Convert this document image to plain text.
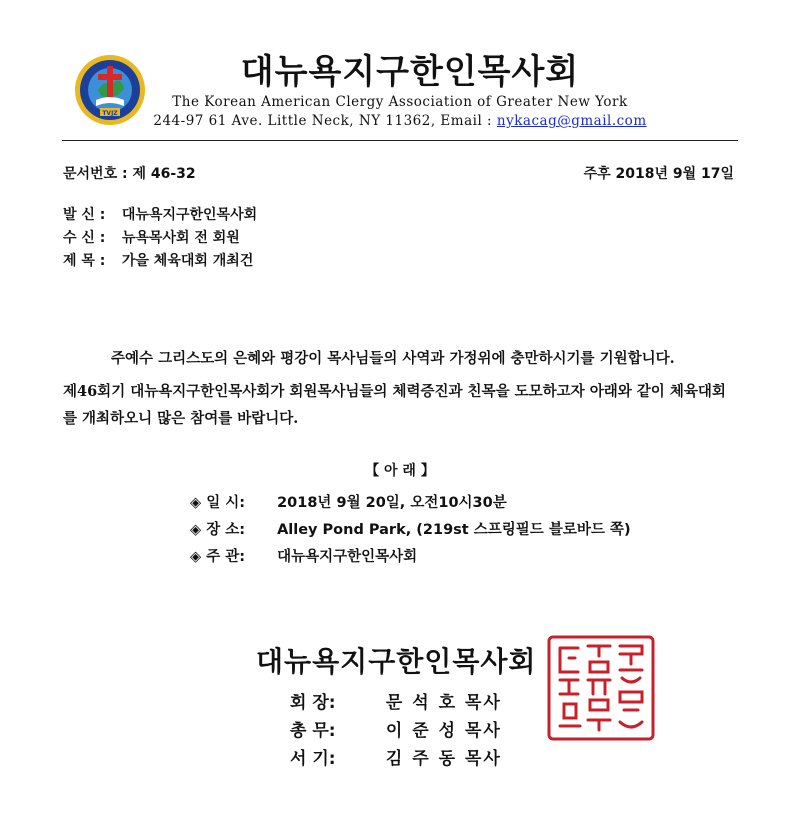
TVJZ
대뉴욕지구한인목사회
The Korean American Clergy Association of Greater New York
244-97 61 Ave. Little Neck, NY 11362, Email : nykacag@gmail.com
문서번호 : 제 46-32	주후 2018년 9월 17일
발 신 : 대뉴욕지구한인목사회
수 신 : 뉴욕목사회 전 회원
제 목 : 가을 체육대회 개최건
주예수 그리스도의 은혜와 평강이 목사님들의 사역과 가정위에 충만하시기를 기원합니다.
제46회기 대뉴욕지구한인목사회가 회원목사님들의 체력증진과 친목을 도모하고자 아래와 같이 체육대회를 개최하오니 많은 참여를 바랍니다.
【 아 래 】
◈ 일 시: 2018년 9월 20일, 오전10시30분
◈ 장 소: Alley Pond Park, (219st 스프링필드 블로바드 쪽)
◈ 주 관: 대뉴욕지구한인목사회
대뉴욕지구한인목사회
회 장:	문 석 호 목사
총 무:	이 준 성 목사
서 기:	김 주 동 목사
